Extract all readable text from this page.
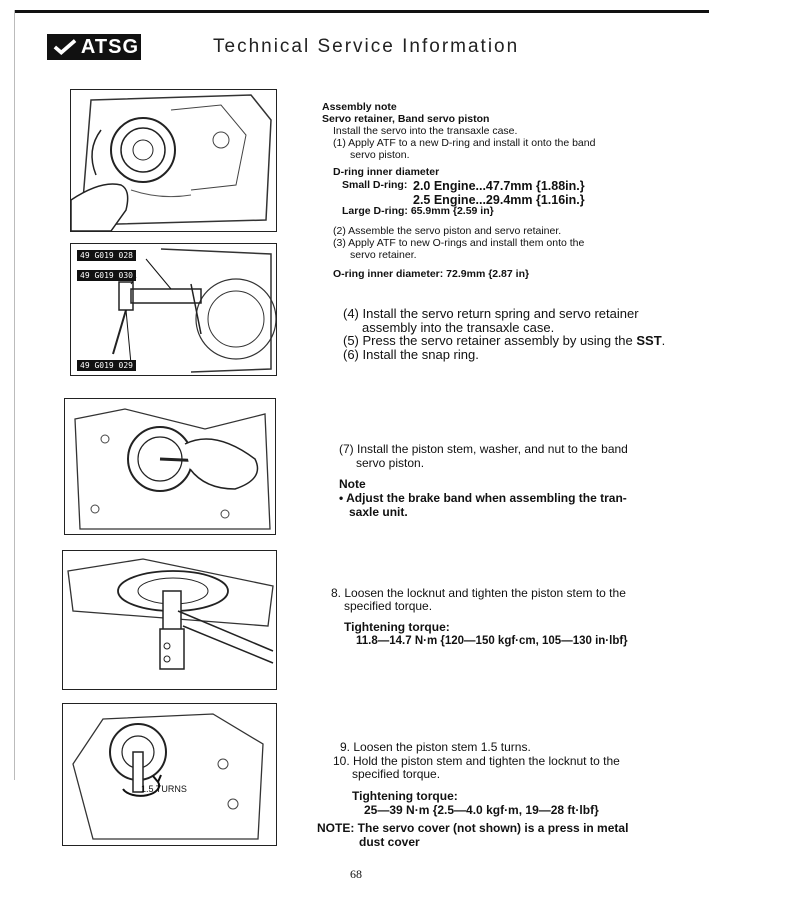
ATSG	Technical Service Information
49 G019 028
49 G019 030
49 G019 029
1.5 TURNS
Assembly note
Servo retainer, Band servo piston
Install the servo into the transaxle case.
(1) Apply ATF to a new D-ring and install it onto the band
servo piston.
D-ring inner diameter
Small D-ring: 2.0 Engine...47.7mm {1.88in.}
2.5 Engine...29.4mm {1.16in.}
Large D-ring: 65.9mm {2.59 in}
(2) Assemble the servo piston and servo retainer.
(3) Apply ATF to new O-rings and install them onto the
servo retainer.
O-ring inner diameter: 72.9mm {2.87 in}
(4) Install the servo return spring and servo retainer
assembly into the transaxle case.
(5) Press the servo retainer assembly by using the SST.
(6) Install the snap ring.
(7) Install the piston stem, washer, and nut to the band
servo piston.
Note
• Adjust the brake band when assembling the tran-
saxle unit.
8. Loosen the locknut and tighten the piston stem to the
specified torque.
Tightening torque:
11.8—14.7 N·m {120—150 kgf·cm, 105—130 in·lbf}
9. Loosen the piston stem 1.5 turns.
10. Hold the piston stem and tighten the locknut to the
specified torque.
Tightening torque:
25—39 N·m {2.5—4.0 kgf·m, 19—28 ft·lbf}
NOTE: The servo cover (not shown) is a press in metal
dust cover
68
